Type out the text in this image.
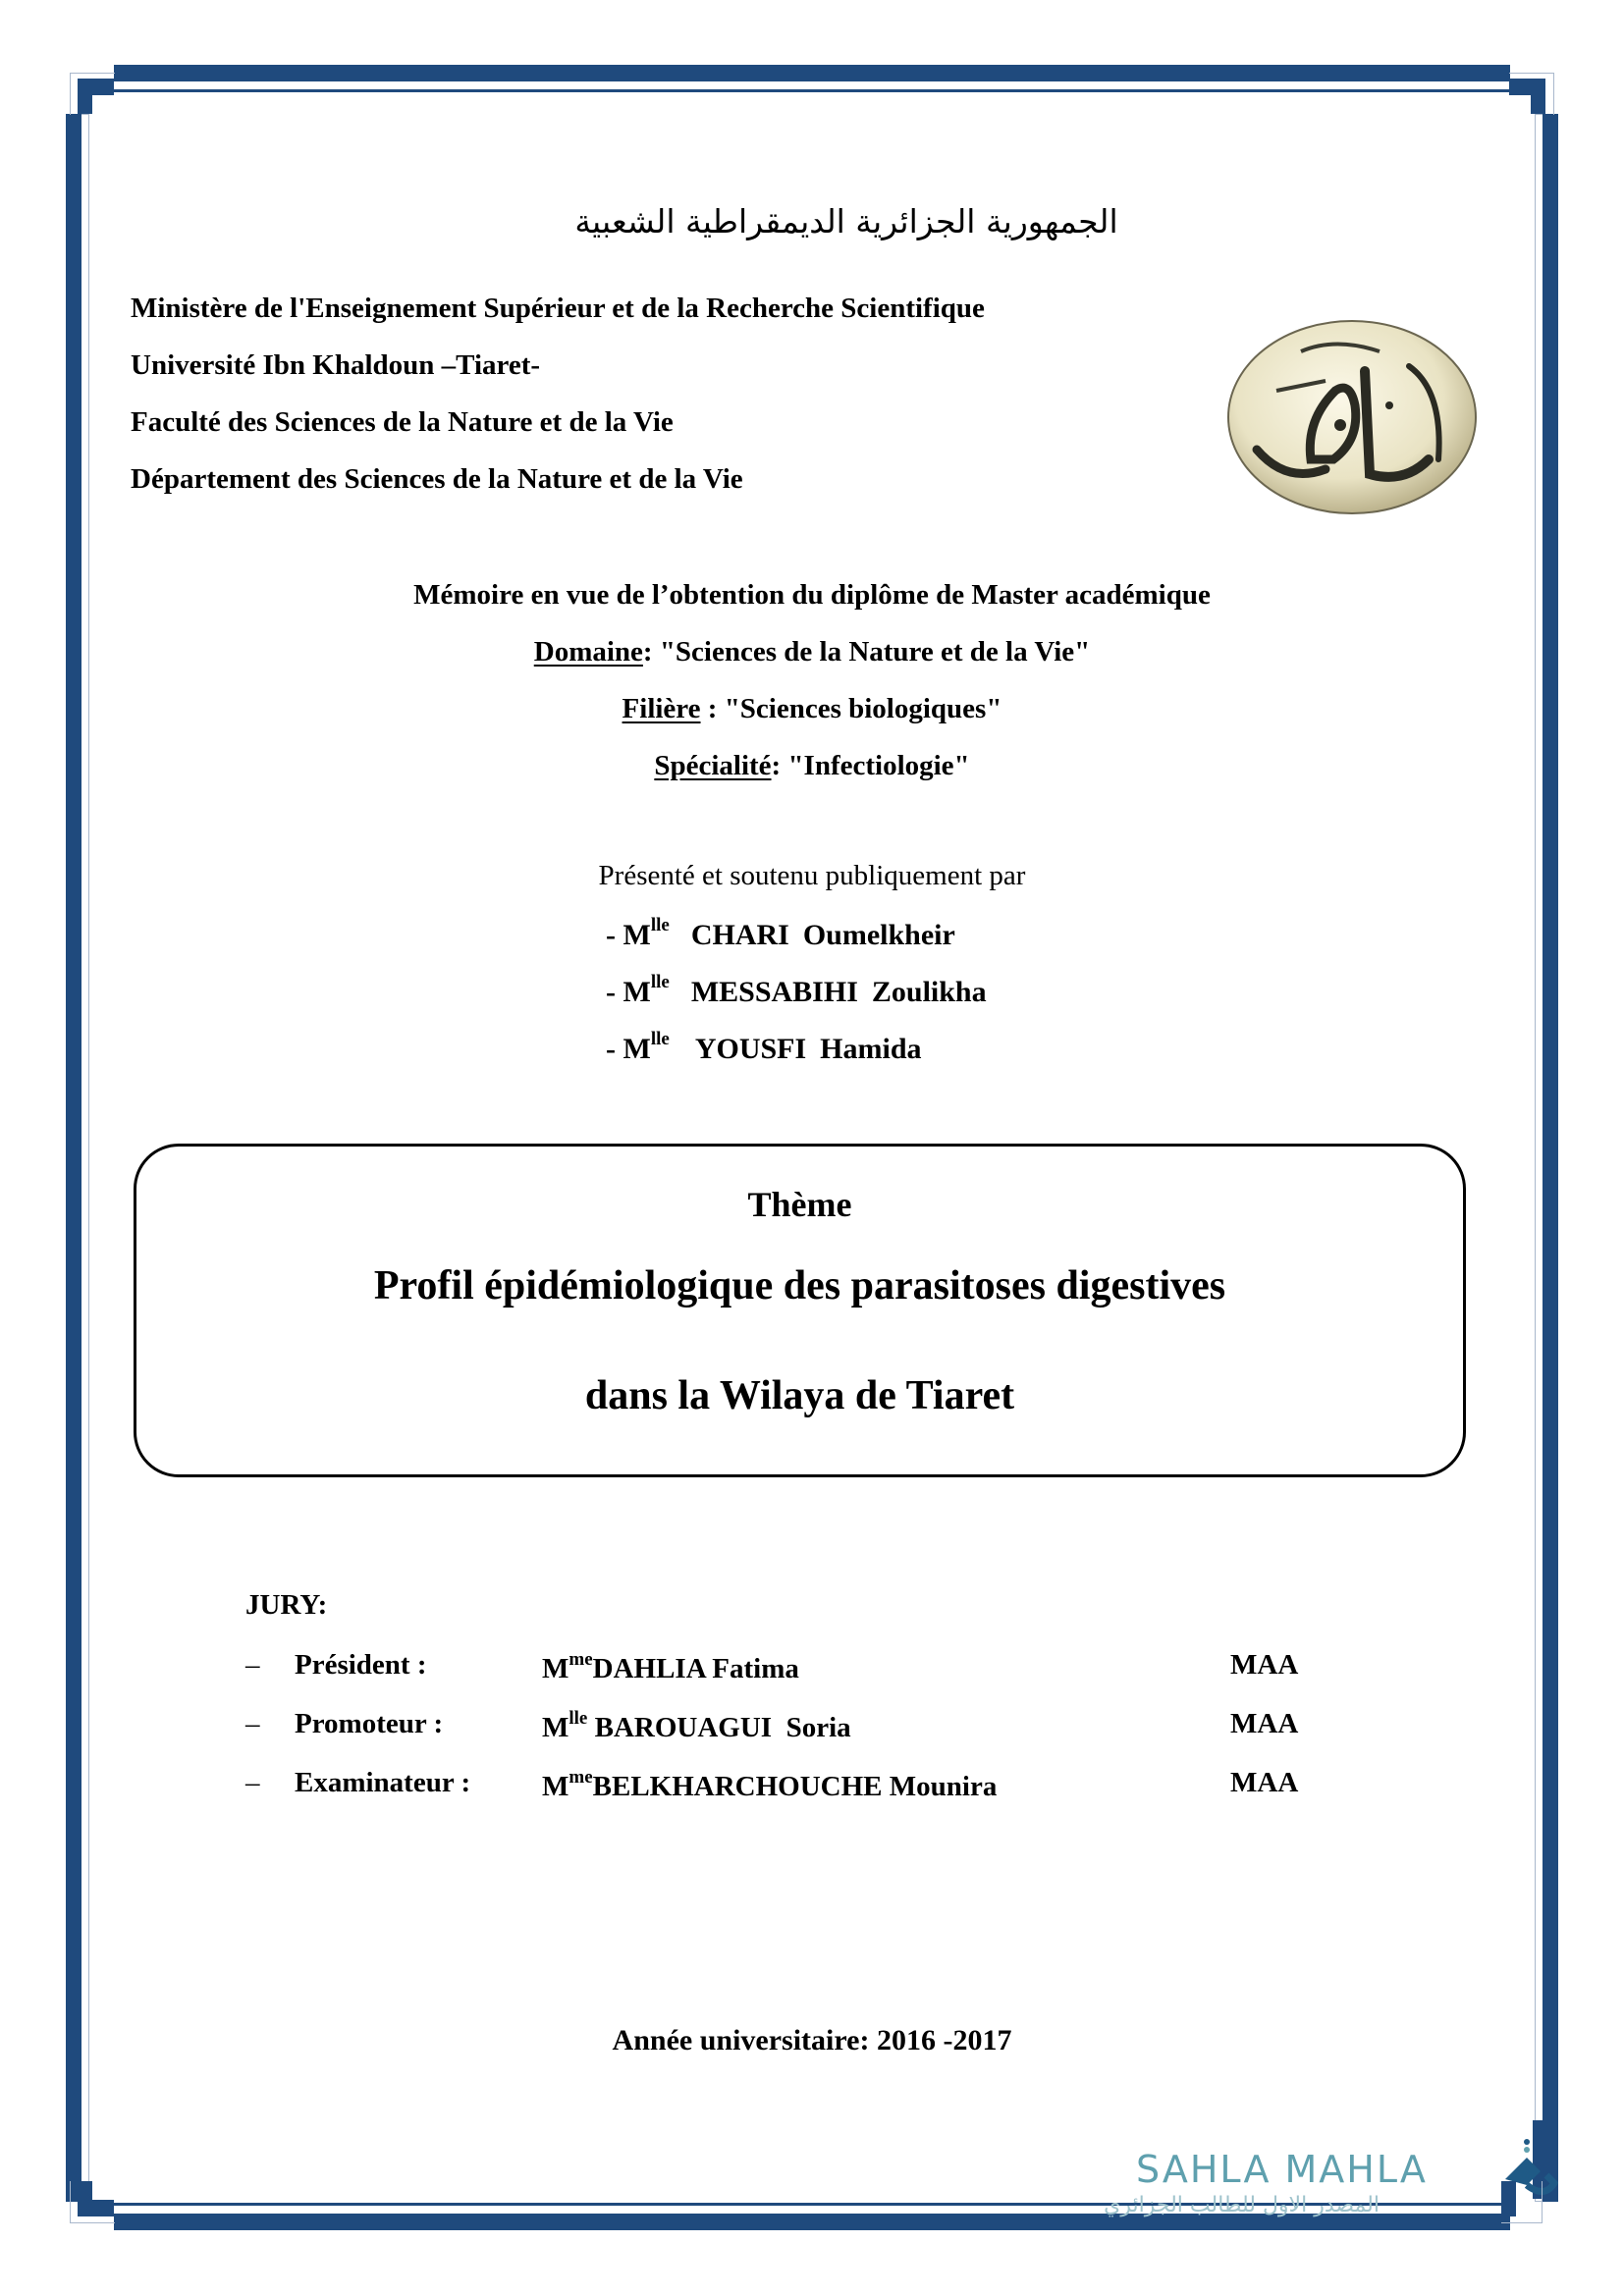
الجمهورية الجزائرية الديمقراطية الشعبية
Ministère de l'Enseignement Supérieur et de la Recherche Scientifique
Université Ibn Khaldoun –Tiaret-
Faculté des Sciences de la Nature et de la Vie
Département des Sciences de la Nature et de la Vie
Mémoire en vue de l’obtention du diplôme de Master académique
Domaine: "Sciences de la Nature et de la Vie"
Filière : "Sciences biologiques"
Spécialité: "Infectiologie"
Présenté et soutenu publiquement par
- $M^{lle}$ CHARI Oumelkheir
- $M^{lle}$ MESSABIHI Zoulikha
- $M^{lle}$ YOUSFI Hamida
Thème
Profil épidémiologique des parasitoses digestives
dans la Wilaya de Tiaret
JURY:
– Président :	$M^{me}DAHLIA$ Fatima	MAA
– Promoteur :	$M^{lle}$ BAROUAGUI  Soria	MAA
– Examinateur :	$M^{me}BELKHARCHOUCHE$ Mounira	MAA
Année universitaire: 2016 -2017
SAHLA MAHLA
المصدر الاول للطالب الجزائري
